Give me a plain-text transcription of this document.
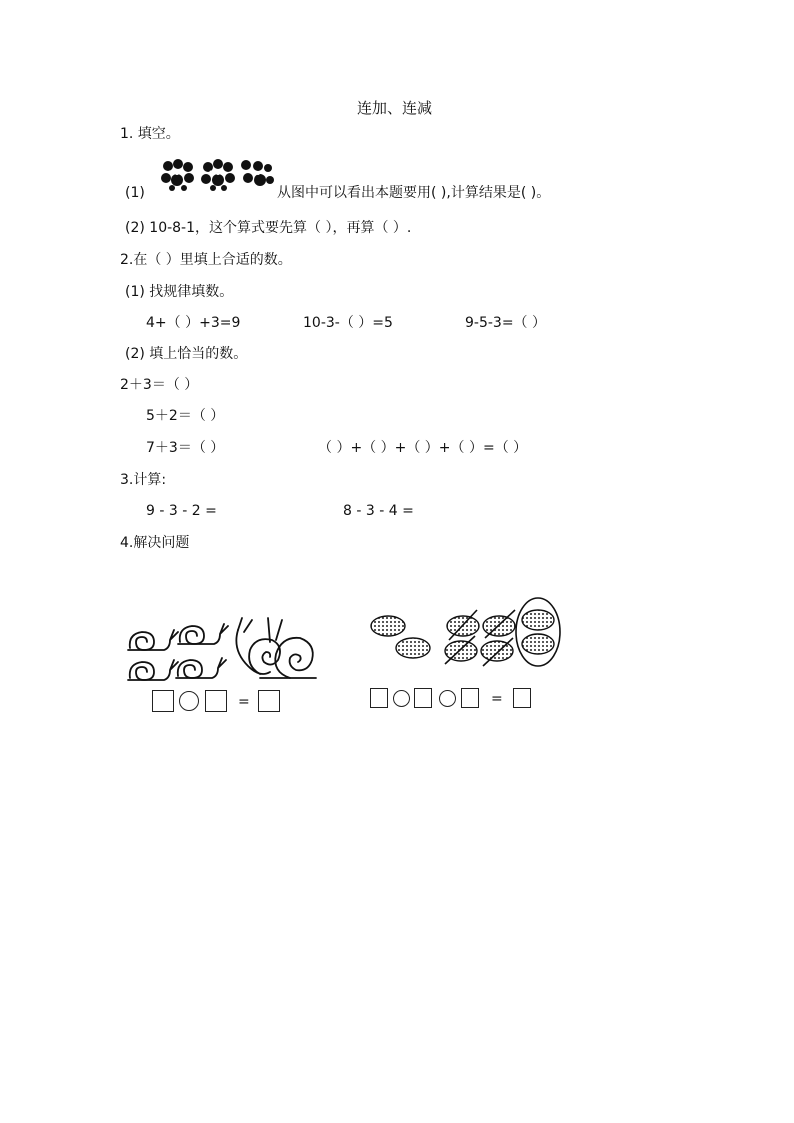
连加、连减
1. 填空。
(1)	从图中可以看出本题要用( ),计算结果是( )。
(2) 10-8-1，这个算式要先算（ ），再算（ ）.
2.在（ ）里填上合适的数。
(1) 找规律填数。
4+（ ）+3=9	10-3-（ ）=5	9-5-3=（ ）
(2) 填上恰当的数。
2＋3＝（ ）
5＋2＝（ ）
7＋3＝（ ）	（ ）+（ ）+（ ）+（ ）=（ ）
3.计算:
9 - 3 - 2 =	8 - 3 - 4 =
4.解决问题
=	=
